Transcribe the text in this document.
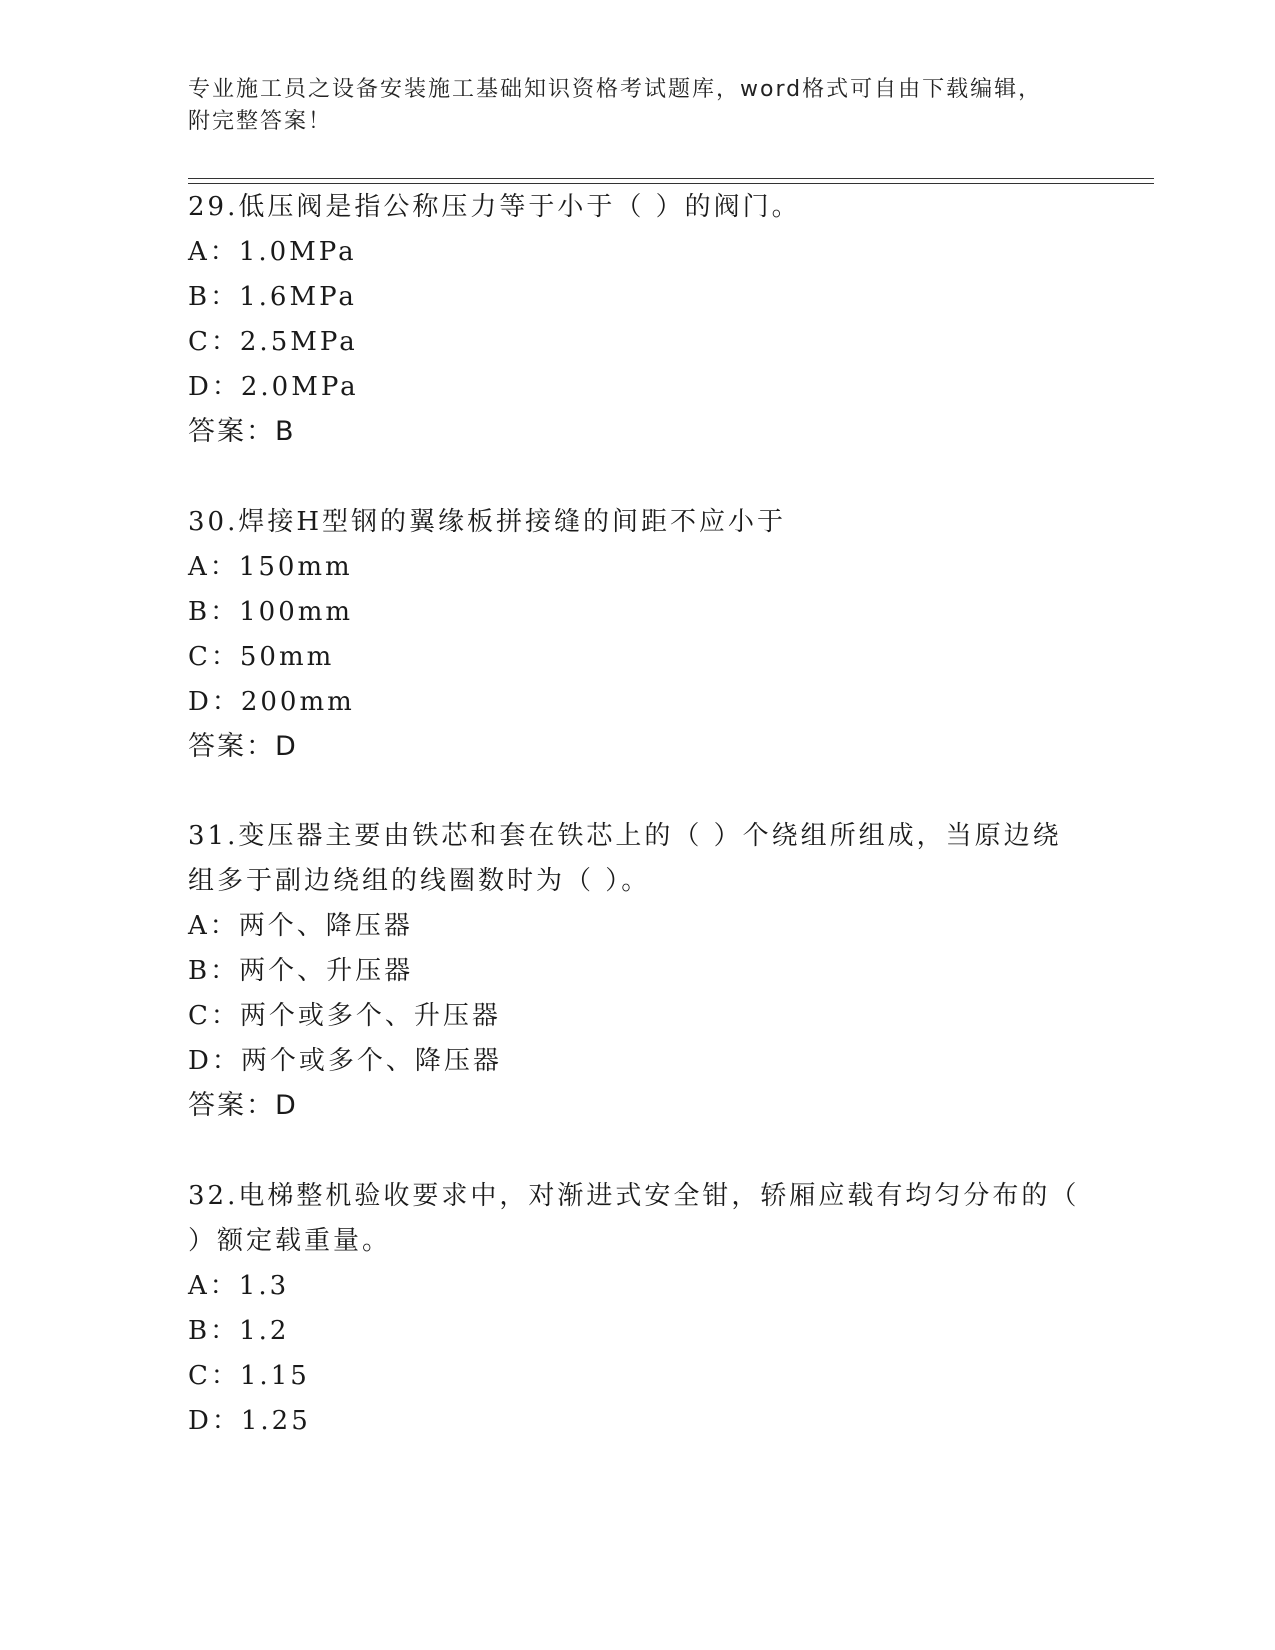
专业施工员之设备安装施工基础知识资格考试题库，word格式可自由下载编辑，
附完整答案！
29.低压阀是指公称压力等于小于（ ）的阀门。
A：1.0MPa
B：1.6MPa
C：2.5MPa
D：2.0MPa
答案：B
30.焊接H型钢的翼缘板拼接缝的间距不应小于
A：150mm
B：100mm
C：50mm
D：200mm
答案：D
31.变压器主要由铁芯和套在铁芯上的（ ）个绕组所组成，当原边绕
组多于副边绕组的线圈数时为（ ）。
A：两个、降压器
B：两个、升压器
C：两个或多个、升压器
D：两个或多个、降压器
答案：D
32.电梯整机验收要求中，对渐进式安全钳，轿厢应载有均匀分布的（
）额定载重量。
A：1.3
B：1.2
C：1.15
D：1.25
